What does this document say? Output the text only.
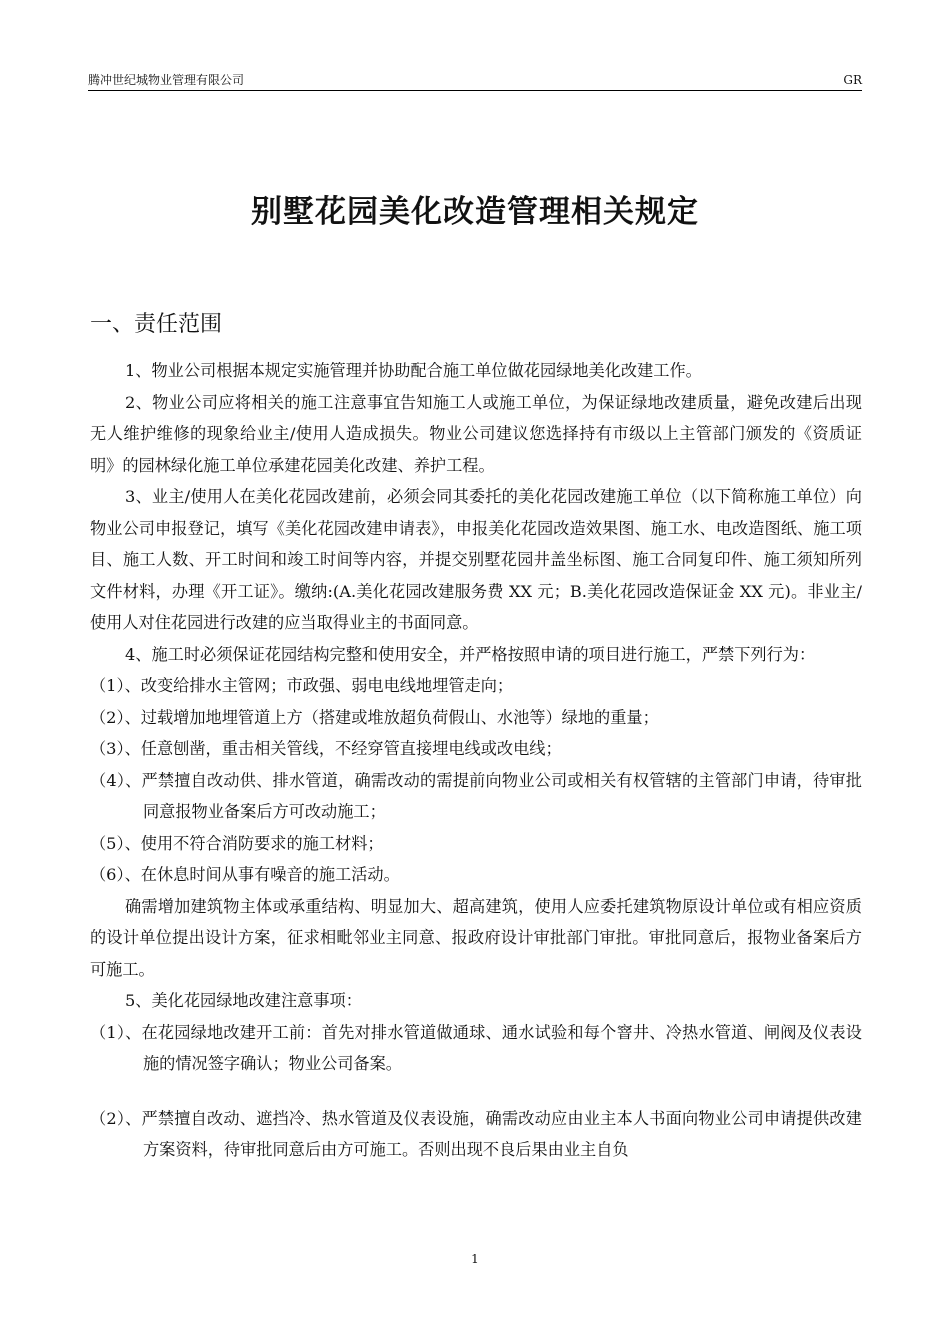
腾冲世纪城物业管理有限公司	GR
别墅花园美化改造管理相关规定
一、责任范围

1、物业公司根据本规定实施管理并协助配合施工单位做花园绿地美化改建工作。

2、物业公司应将相关的施工注意事宜告知施工人或施工单位，为保证绿地改建质量，避免改建后出现无人维护维修的现象给业主/使用人造成损失。物业公司建议您选择持有市级以上主管部门颁发的《资质证明》的园林绿化施工单位承建花园美化改建、养护工程。

3、业主/使用人在美化花园改建前，必须会同其委托的美化花园改建施工单位（以下简称施工单位）向物业公司申报登记，填写《美化花园改建申请表》，申报美化花园改造效果图、施工水、电改造图纸、施工项目、施工人数、开工时间和竣工时间等内容，并提交别墅花园井盖坐标图、施工合同复印件、施工须知所列文件材料，办理《开工证》。缴纳:(A.美化花园改建服务费 XX 元；B.美化花园改造保证金 XX 元)。非业主/使用人对住花园进行改建的应当取得业主的书面同意。

4、施工时必须保证花园结构完整和使用安全，并严格按照申请的项目进行施工，严禁下列行为：

（1）、改变给排水主管网；市政强、弱电电线地埋管走向；

（2）、过载增加地埋管道上方（搭建或堆放超负荷假山、水池等）绿地的重量；

（3）、任意刨凿，重击相关管线，不经穿管直接埋电线或改电线；

（4）、严禁擅自改动供、排水管道，确需改动的需提前向物业公司或相关有权管辖的主管部门申请，待审批同意报物业备案后方可改动施工；

（5）、使用不符合消防要求的施工材料；

（6）、在休息时间从事有噪音的施工活动。

确需增加建筑物主体或承重结构、明显加大、超高建筑，使用人应委托建筑物原设计单位或有相应资质的设计单位提出设计方案，征求相毗邻业主同意、报政府设计审批部门审批。审批同意后，报物业备案后方可施工。

5、美化花园绿地改建注意事项：

（1）、在花园绿地改建开工前：首先对排水管道做通球、通水试验和每个窨井、冷热水管道、闸阀及仪表设施的情况签字确认；物业公司备案。

（2）、严禁擅自改动、遮挡冷、热水管道及仪表设施，确需改动应由业主本人书面向物业公司申请提供改建方案资料，待审批同意后由方可施工。否则出现不良后果由业主自负

1
